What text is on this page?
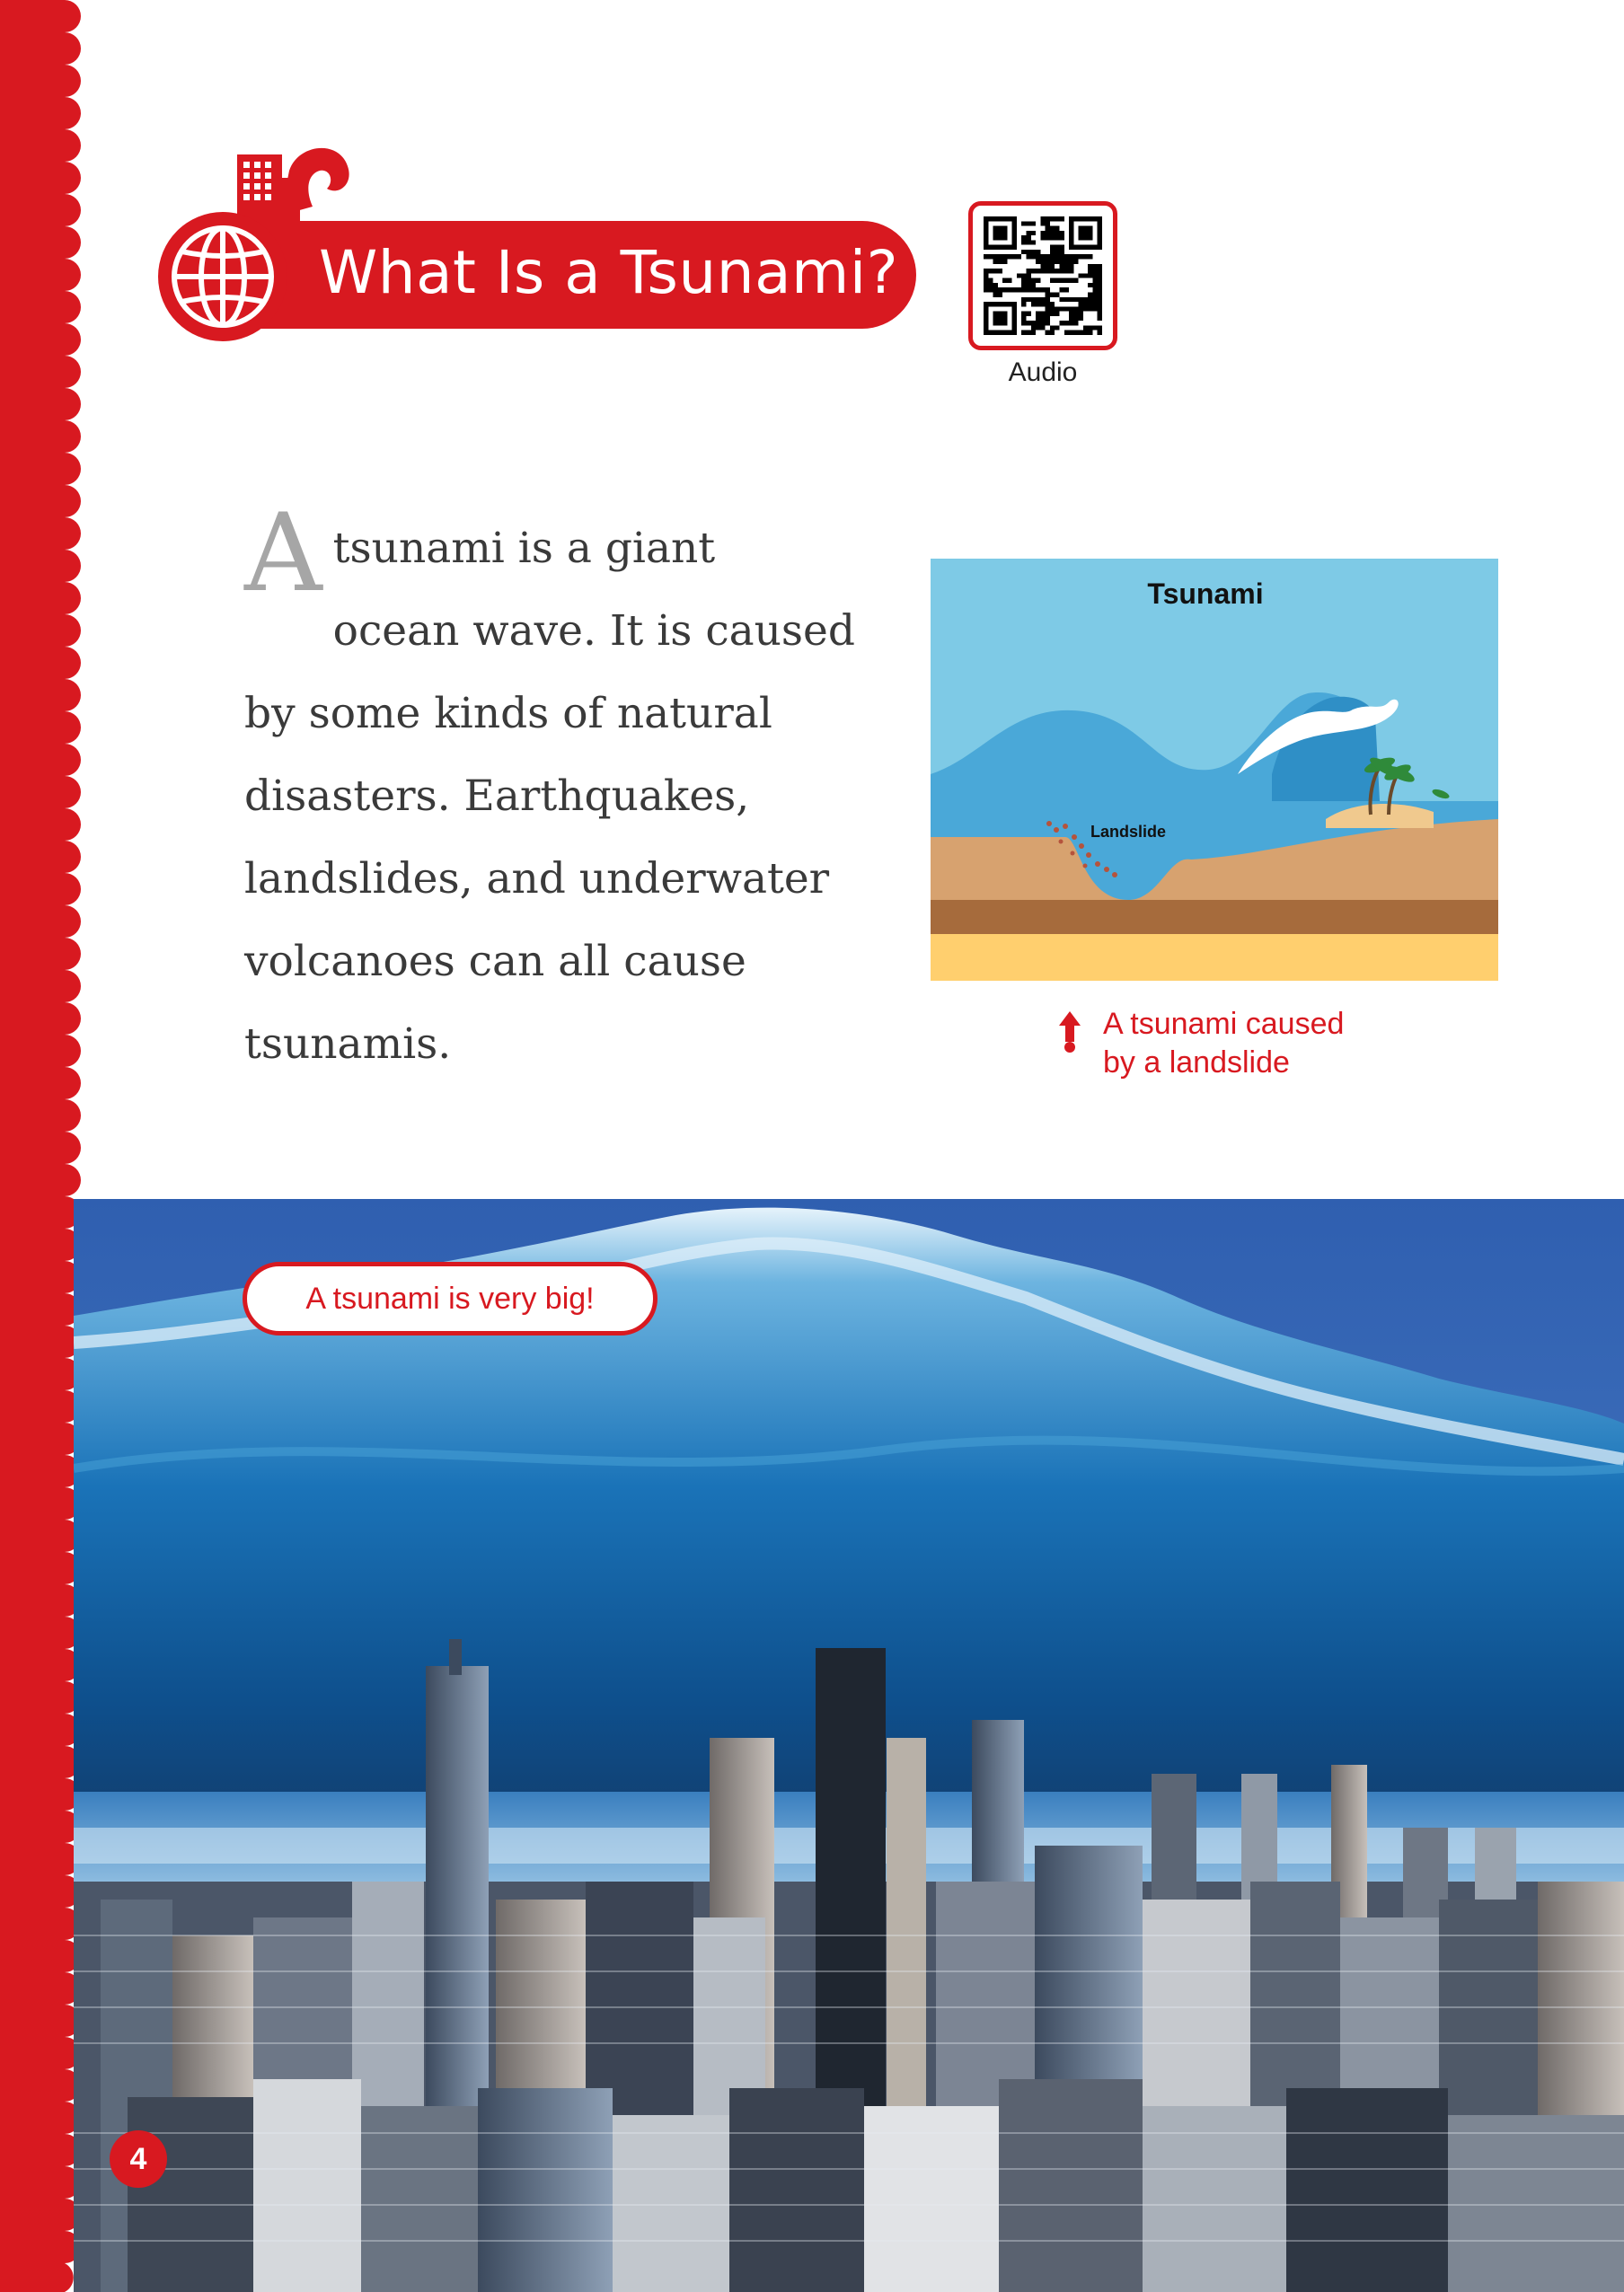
What Is a Tsunami?
Audio
A tsunami is a giant
ocean wave. It is caused
by some kinds of natural
disasters. Earthquakes,
landslides, and underwater
volcanoes can all cause
tsunamis.
Tsunami
Landslide
A tsunami caused
by a landslide
A tsunami is very big!
4
